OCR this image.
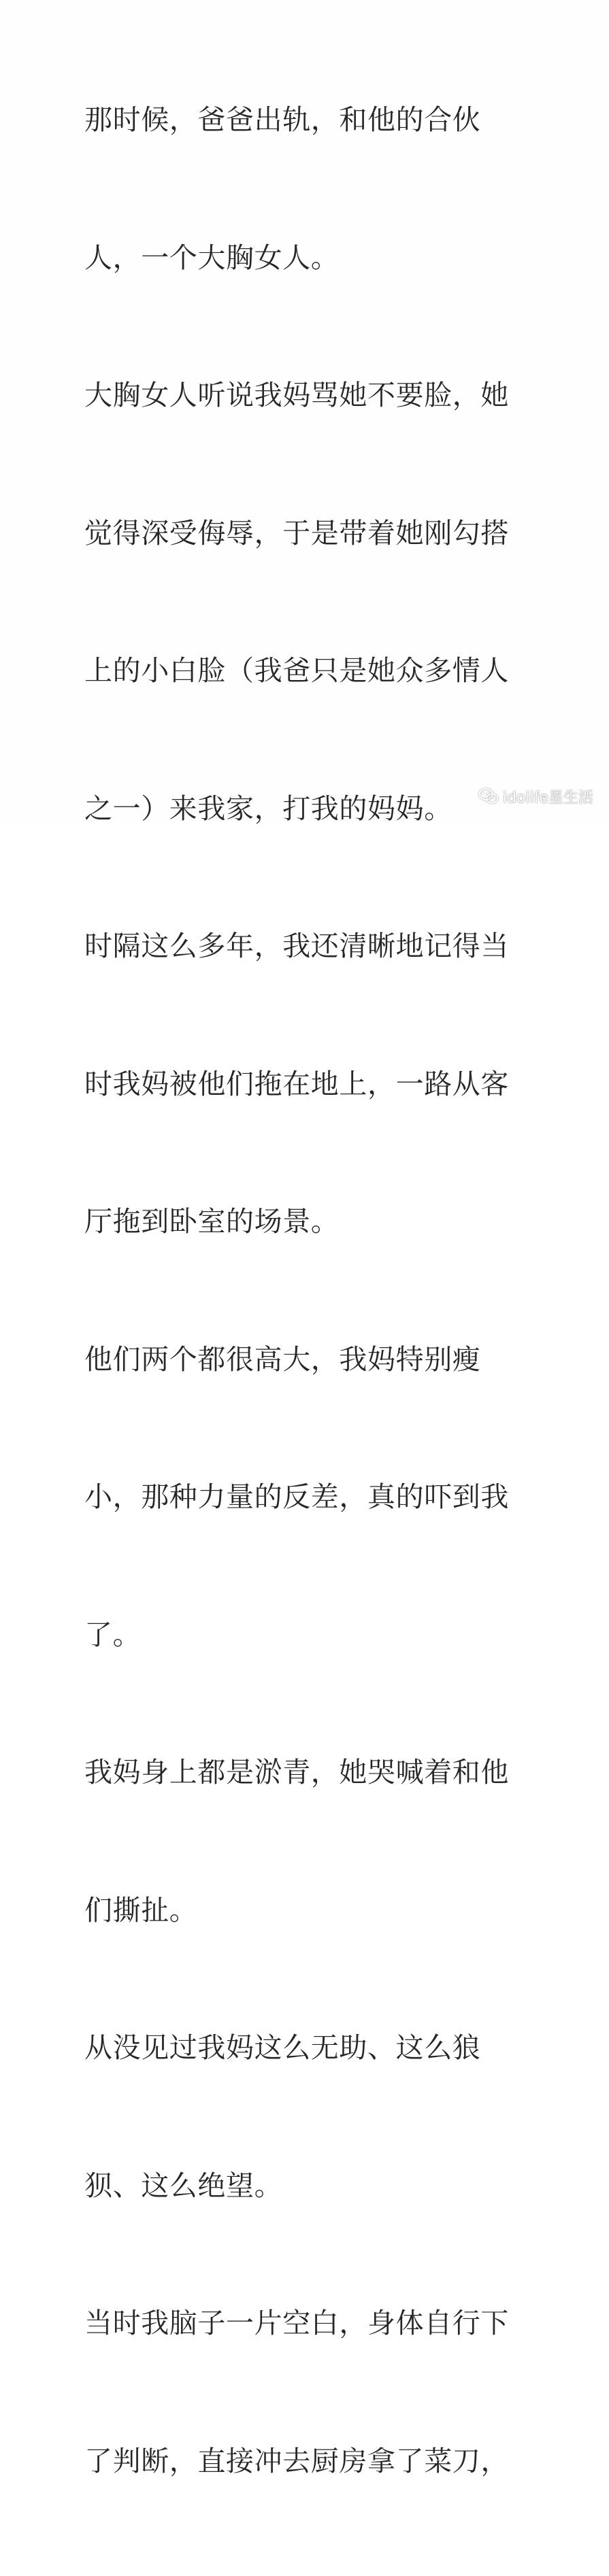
那时候，爸爸出轨，和他的合伙

人，一个大胸女人。

大胸女人听说我妈骂她不要脸，她

觉得深受侮辱，于是带着她刚勾搭

上的小白脸（我爸只是她众多情人

之一）来我家，打我的妈妈。

时隔这么多年，我还清晰地记得当

时我妈被他们拖在地上，一路从客

厅拖到卧室的场景。

他们两个都很高大，我妈特别瘦

小，那种力量的反差，真的吓到我

了。

我妈身上都是淤青，她哭喊着和他

们撕扯。

从没见过我妈这么无助、这么狼

狈、这么绝望。

当时我脑子一片空白，身体自行下

了判断，直接冲去厨房拿了菜刀，

idolife星生活
